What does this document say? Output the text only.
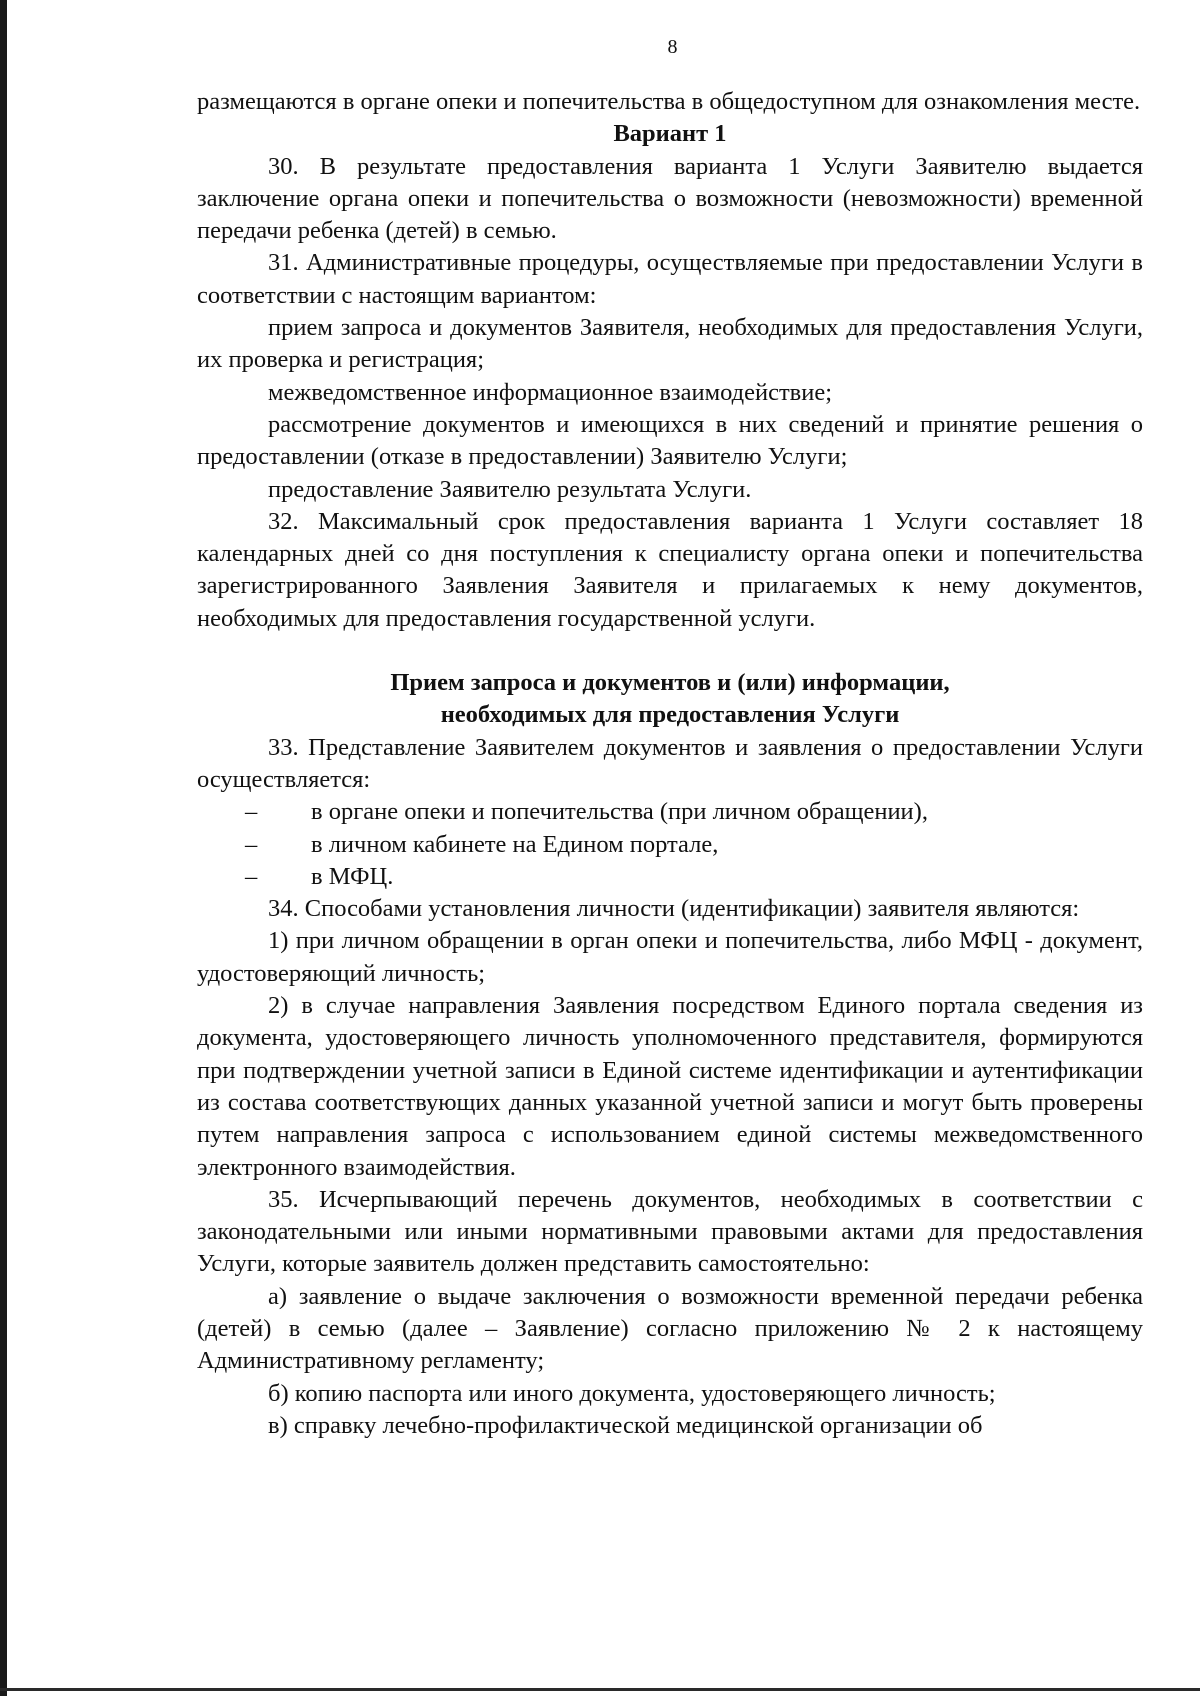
8

размещаются в органе опеки и попечительства в общедоступном для ознакомления месте.

Вариант 1

30. В результате предоставления варианта 1 Услуги Заявителю выдается заключение органа опеки и попечительства о возможности (невозможности) временной передачи ребенка (детей) в семью.

31. Административные процедуры, осуществляемые при предоставлении Услуги в соответствии с настоящим вариантом:

прием запроса и документов Заявителя, необходимых для предоставления Услуги, их проверка и регистрация;

межведомственное информационное взаимодействие;

рассмотрение документов и имеющихся в них сведений и принятие решения о предоставлении (отказе в предоставлении) Заявителю Услуги;

предоставление Заявителю результата Услуги.

32. Максимальный срок предоставления варианта 1 Услуги составляет 18 календарных дней со дня поступления к специалисту органа опеки и попечительства зарегистрированного Заявления Заявителя и прилагаемых к нему документов, необходимых для предоставления государственной услуги.

Прием запроса и документов и (или) информации,

необходимых для предоставления Услуги

33. Представление Заявителем документов и заявления о предоставлении Услуги осуществляется:

–	в органе опеки и попечительства (при личном обращении),
–	в личном кабинете на Едином портале,
–	в МФЦ.

34. Способами установления личности (идентификации) заявителя являются:

1) при личном обращении в орган опеки и попечительства, либо МФЦ - документ, удостоверяющий личность;

2) в случае направления Заявления посредством Единого портала сведения из документа, удостоверяющего личность уполномоченного представителя, формируются при подтверждении учетной записи в Единой системе идентификации и аутентификации из состава соответствующих данных указанной учетной записи и могут быть проверены путем направления запроса с использованием единой системы межведомственного электронного взаимодействия.

35. Исчерпывающий перечень документов, необходимых в соответствии с законодательными или иными нормативными правовыми актами для предоставления Услуги, которые заявитель должен представить самостоятельно:

а) заявление о выдаче заключения о возможности временной передачи ребенка (детей) в семью (далее – Заявление) согласно приложению № 2 к настоящему Административному регламенту;

б) копию паспорта или иного документа, удостоверяющего личность;

в) справку лечебно-профилактической медицинской организации об
